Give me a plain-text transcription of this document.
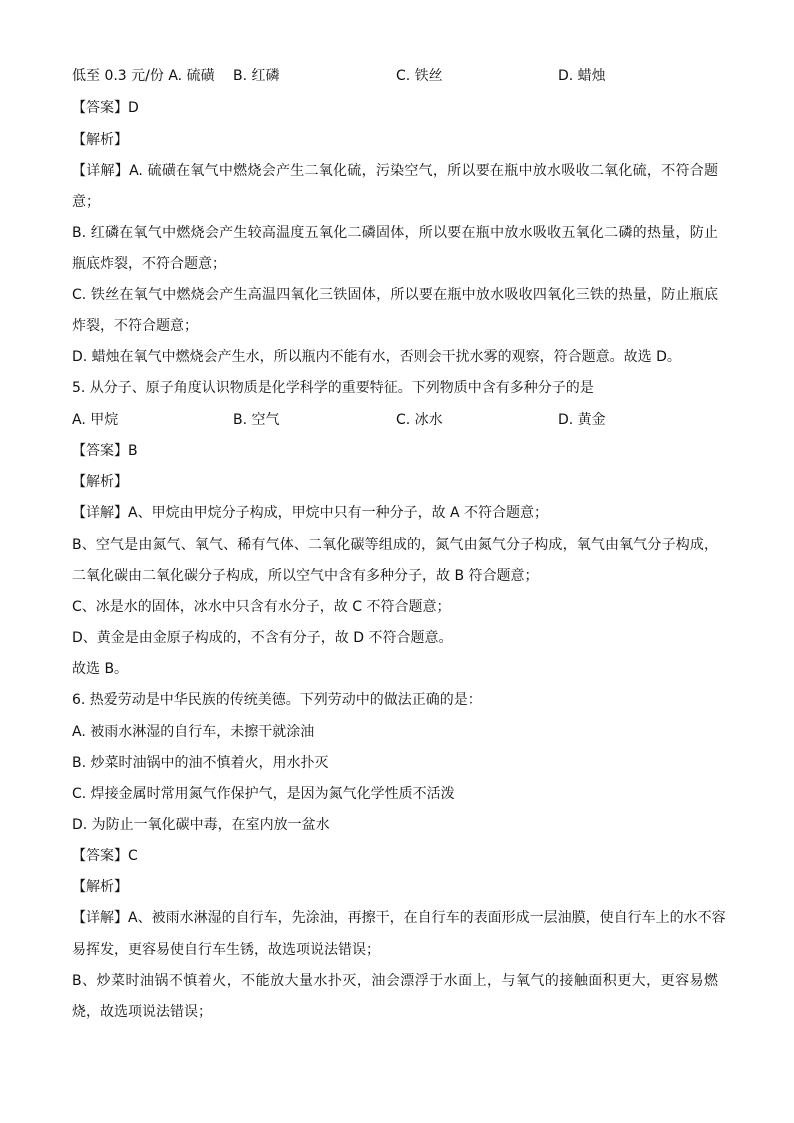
低至 0.3 元/份 A. 硫磺 B. 红磷	C. 铁丝	D. 蜡烛
【答案】D
【解析】
【详解】A. 硫磺在氧气中燃烧会产生二氧化硫，污染空气，所以要在瓶中放水吸收二氧化硫，不符合题
意；
B. 红磷在氧气中燃烧会产生较高温度五氧化二磷固体，所以要在瓶中放水吸收五氧化二磷的热量，防止
瓶底炸裂，不符合题意；
C. 铁丝在氧气中燃烧会产生高温四氧化三铁固体，所以要在瓶中放水吸收四氧化三铁的热量，防止瓶底
炸裂，不符合题意；
D. 蜡烛在氧气中燃烧会产生水，所以瓶内不能有水，否则会干扰水雾的观察，符合题意。故选 D。
5. 从分子、原子角度认识物质是化学科学的重要特征。下列物质中含有多种分子的是
A. 甲烷	B. 空气	C. 冰水	D. 黄金
【答案】B
【解析】
【详解】A、甲烷由甲烷分子构成，甲烷中只有一种分子，故 A 不符合题意；
B、空气是由氮气、氧气、稀有气体、二氧化碳等组成的，氮气由氮气分子构成，氧气由氧气分子构成，
二氧化碳由二氧化碳分子构成，所以空气中含有多种分子，故 B 符合题意；
C、冰是水的固体，冰水中只含有水分子，故 C 不符合题意；
D、黄金是由金原子构成的，不含有分子，故 D 不符合题意。
故选 B。
6. 热爱劳动是中华民族的传统美德。下列劳动中的做法正确的是：
A. 被雨水淋湿的自行车，未擦干就涂油
B. 炒菜时油锅中的油不慎着火，用水扑灭
C. 焊接金属时常用氮气作保护气，是因为氮气化学性质不活泼
D. 为防止一氧化碳中毒，在室内放一盆水
【答案】C
【解析】
【详解】A、被雨水淋湿的自行车，先涂油，再擦干，在自行车的表面形成一层油膜，使自行车上的水不容
易挥发，更容易使自行车生锈，故选项说法错误；
B、炒菜时油锅不慎着火，不能放大量水扑灭，油会漂浮于水面上，与氧气的接触面积更大，更容易燃
烧，故选项说法错误；
